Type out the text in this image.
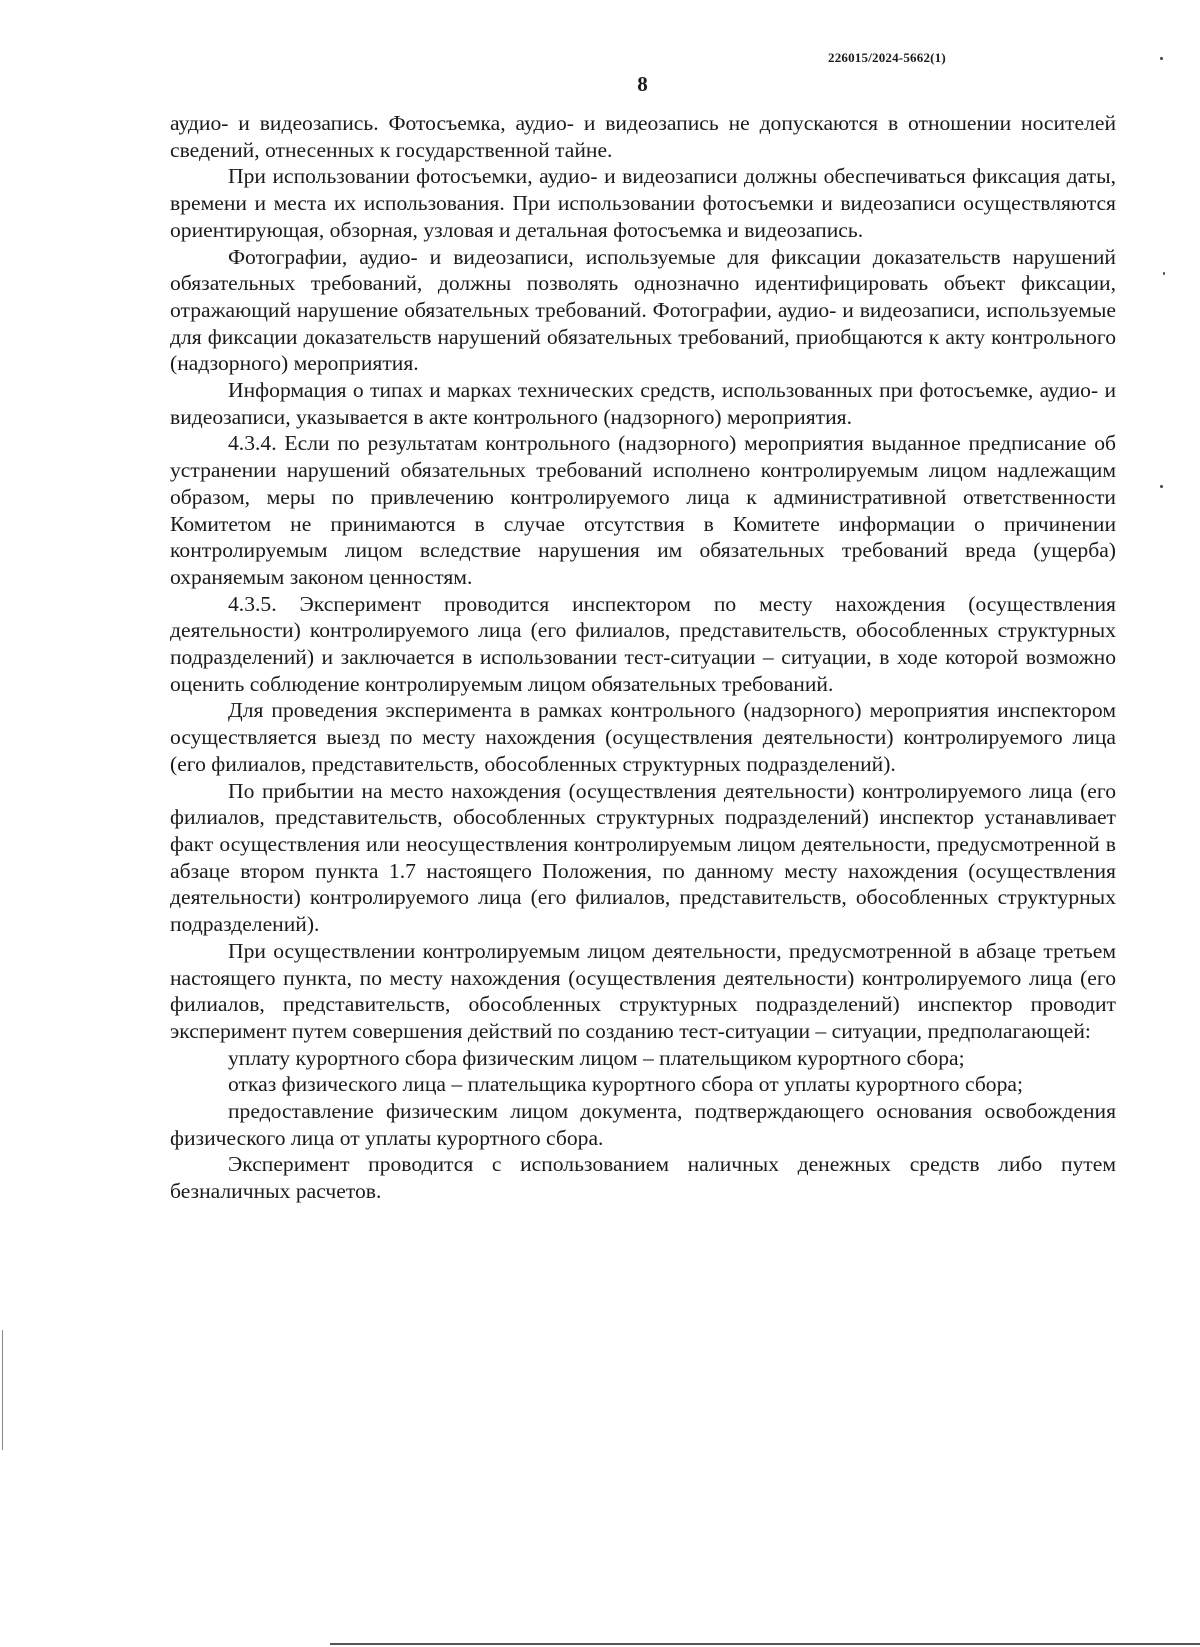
226015/2024-5662(1)
8

аудио- и видеозапись. Фотосъемка, аудио- и видеозапись не допускаются в отношении носителей сведений, отнесенных к государственной тайне.

При использовании фотосъемки, аудио- и видеозаписи должны обеспечиваться фиксация даты, времени и места их использования. При использовании фотосъемки и видеозаписи осуществляются ориентирующая, обзорная, узловая и детальная фотосъемка и видеозапись.

Фотографии, аудио- и видеозаписи, используемые для фиксации доказательств нарушений обязательных требований, должны позволять однозначно идентифицировать объект фиксации, отражающий нарушение обязательных требований. Фотографии, аудио- и видеозаписи, используемые для фиксации доказательств нарушений обязательных требований, приобщаются к акту контрольного (надзорного) мероприятия.

Информация о типах и марках технических средств, использованных при фотосъемке, аудио- и видеозаписи, указывается в акте контрольного (надзорного) мероприятия.

4.3.4. Если по результатам контрольного (надзорного) мероприятия выданное предписание об устранении нарушений обязательных требований исполнено контролируемым лицом надлежащим образом, меры по привлечению контролируемого лица к административной ответственности Комитетом не принимаются в случае отсутствия в Комитете информации о причинении контролируемым лицом вследствие нарушения им обязательных требований вреда (ущерба) охраняемым законом ценностям.

4.3.5. Эксперимент проводится инспектором по месту нахождения (осуществления деятельности) контролируемого лица (его филиалов, представительств, обособленных структурных подразделений) и заключается в использовании тест-ситуации – ситуации, в ходе которой возможно оценить соблюдение контролируемым лицом обязательных требований.

Для проведения эксперимента в рамках контрольного (надзорного) мероприятия инспектором осуществляется выезд по месту нахождения (осуществления деятельности) контролируемого лица (его филиалов, представительств, обособленных структурных подразделений).

По прибытии на место нахождения (осуществления деятельности) контролируемого лица (его филиалов, представительств, обособленных структурных подразделений) инспектор устанавливает факт осуществления или неосуществления контролируемым лицом деятельности, предусмотренной в абзаце втором пункта 1.7 настоящего Положения, по данному месту нахождения (осуществления деятельности) контролируемого лица (его филиалов, представительств, обособленных структурных подразделений).

При осуществлении контролируемым лицом деятельности, предусмотренной в абзаце третьем настоящего пункта, по месту нахождения (осуществления деятельности) контролируемого лица (его филиалов, представительств, обособленных структурных подразделений) инспектор проводит эксперимент путем совершения действий по созданию тест-ситуации – ситуации, предполагающей:

уплату курортного сбора физическим лицом – плательщиком курортного сбора;

отказ физического лица – плательщика курортного сбора от уплаты курортного сбора;

предоставление физическим лицом документа, подтверждающего основания освобождения физического лица от уплаты курортного сбора.

Эксперимент проводится с использованием наличных денежных средств либо путем безналичных расчетов.
